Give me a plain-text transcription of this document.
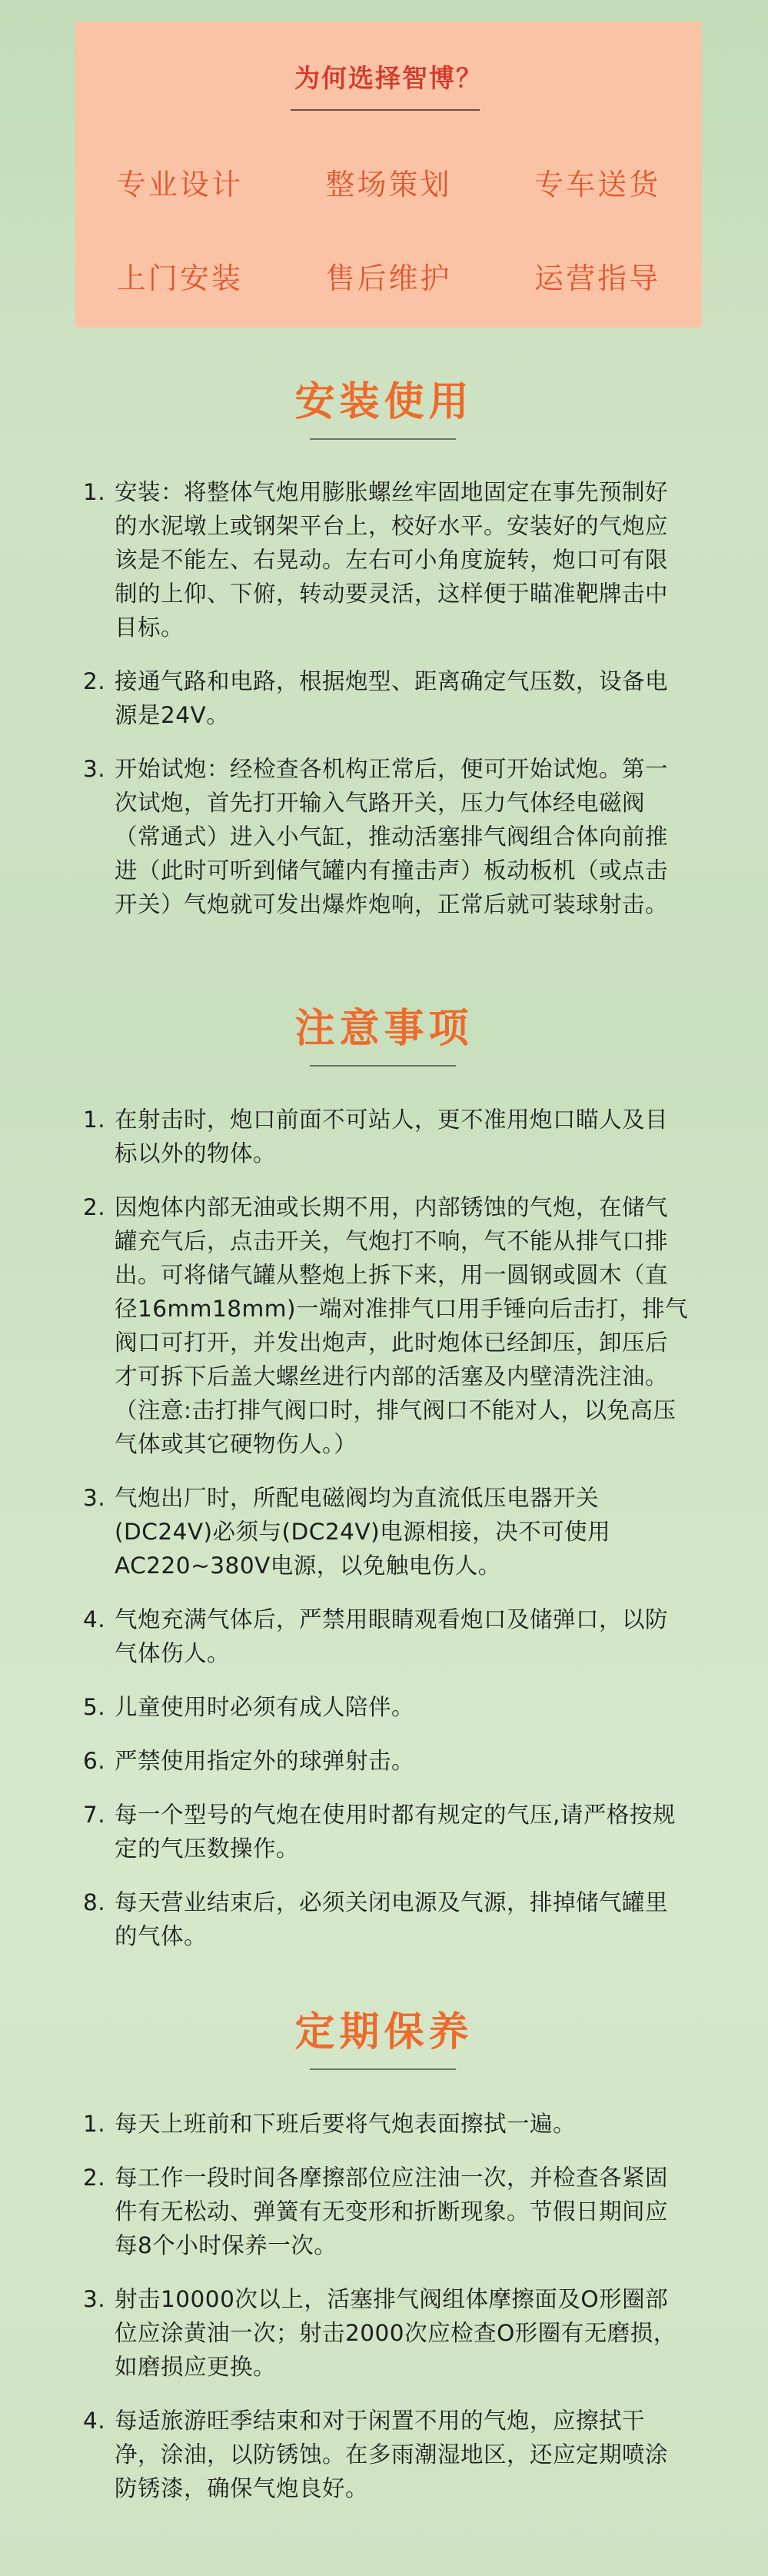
为何选择智博？
专业设计	整场策划	专车送货
上门安装	售后维护	运营指导
安装使用
1. 安装：将整体气炮用膨胀螺丝牢固地固定在事先预制好的水泥墩上或钢架平台上，校好水平。安装好的气炮应该是不能左、右晃动。左右可小角度旋转，炮口可有限制的上仰、下俯，转动要灵活，这样便于瞄准靶牌击中目标。
2. 接通气路和电路，根据炮型、距离确定气压数，设备电源是24V。
3. 开始试炮：经检查各机构正常后，便可开始试炮。第一次试炮，首先打开输入气路开关，压力气体经电磁阀（常通式）进入小气缸，推动活塞排气阀组合体向前推进（此时可听到储气罐内有撞击声）板动板机（或点击开关）气炮就可发出爆炸炮响，正常后就可装球射击。
注意事项
1. 在射击时，炮口前面不可站人，更不准用炮口瞄人及目标以外的物体。
2. 因炮体内部无油或长期不用，内部锈蚀的气炮，在储气罐充气后，点击开关，气炮打不响，气不能从排气口排出。可将储气罐从整炮上拆下来，用一圆钢或圆木（直径16mm18mm)一端对准排气口用手锤向后击打，排气阀口可打开，并发出炮声，此时炮体已经卸压，卸压后才可拆下后盖大螺丝进行内部的活塞及内壁清洗注油。（注意:击打排气阀口时，排气阀口不能对人，以免高压气体或其它硬物伤人。）
3. 气炮出厂时，所配电磁阀均为直流低压电器开关(DC24V)必须与(DC24V)电源相接，决不可使用AC220~380V电源，以免触电伤人。
4. 气炮充满气体后，严禁用眼睛观看炮口及储弹口，以防气体伤人。
5. 儿童使用时必须有成人陪伴。
6. 严禁使用指定外的球弹射击。
7. 每一个型号的气炮在使用时都有规定的气压,请严格按规定的气压数操作。
8. 每天营业结束后，必须关闭电源及气源，排掉储气罐里的气体。
定期保养
1. 每天上班前和下班后要将气炮表面擦拭一遍。
2. 每工作一段时间各摩擦部位应注油一次，并检查各紧固件有无松动、弹簧有无变形和折断现象。节假日期间应每8个小时保养一次。
3. 射击10000次以上，活塞排气阀组体摩擦面及O形圈部位应涂黄油一次；射击2000次应检查O形圈有无磨损，如磨损应更换。
4. 每适旅游旺季结束和对于闲置不用的气炮，应擦拭干净，涂油，以防锈蚀。在多雨潮湿地区，还应定期喷涂防锈漆，确保气炮良好。
